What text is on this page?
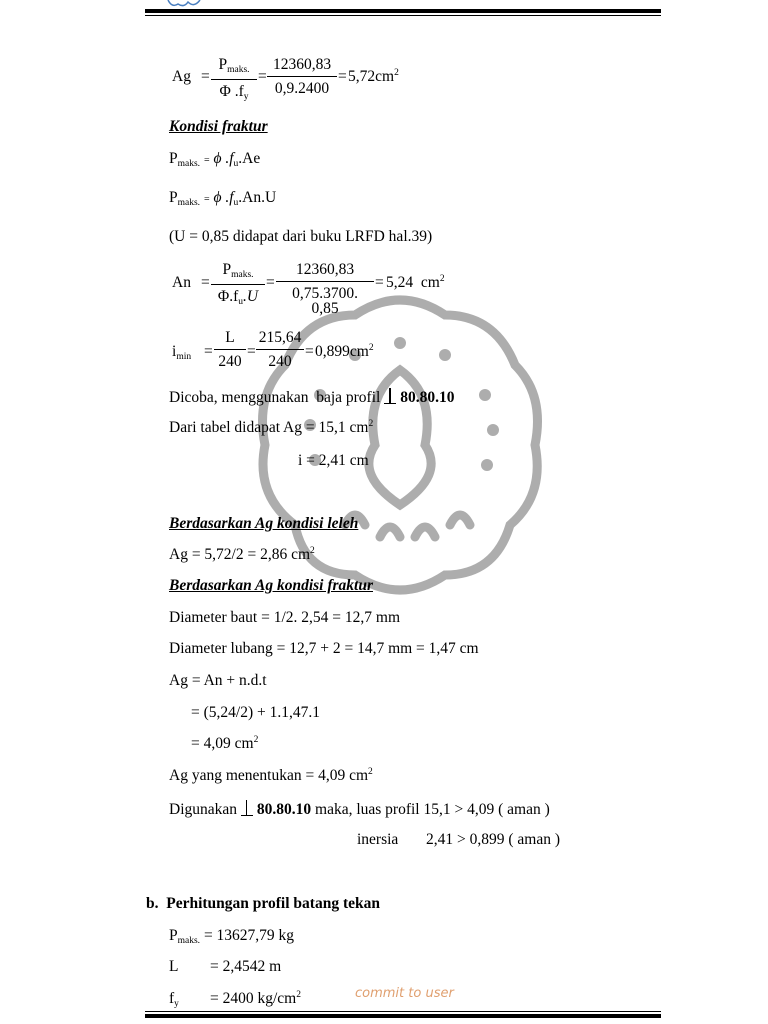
Ag =
$P_{maks.}$
Φ $.f_y$
= $\frac{12360,83}{0,9.2400} = 5,72cm^2$
Kondisi fraktur
$P_{maks.} = \phi$ $.f_u.Ae$
$P_{maks.} = \phi$ $.f_u.An.U$
(U = 0,85 didapat dari buku LRFD hal.39)
An =
$P_{maks.}$
$\Phi.f_u.U$
= $\frac{12360,83}{0,75.3700. 0,85} = 5,24$  $cm^2$
$i_{min} = \frac{L}{240} = \frac{215,64}{240} = 0,899cm^2$
Dicoba, menggunakan  baja profil 80.80.10
Dari tabel didapat Ag = 15,1 $cm^2$
i = 2,41 cm
Berdasarkan Ag kondisi leleh
Ag = 5,72/2 = 2,86 $cm^2$
Berdasarkan Ag kondisi fraktur
Diameter baut = 1/2. 2,54 = 12,7 mm
Diameter lubang = 12,7 + 2 = 14,7 mm = 1,47 cm
Ag = An + n.d.t
= (5,24/2) + 1.1,47.1
= 4,09 $cm^2$
Ag yang menentukan = 4,09 $cm^2$
Digunakan 80.80.10 maka, luas profil 15,1 > 4,09 ( aman )
inersia 2,41 > 0,899 ( aman )
b.  Perhitungan profil batang tekan
$P_{maks.} = 13627,79$ kg
L = 2,4542 m
$f_y = 2400$ $kg/cm^2$	commit to user
